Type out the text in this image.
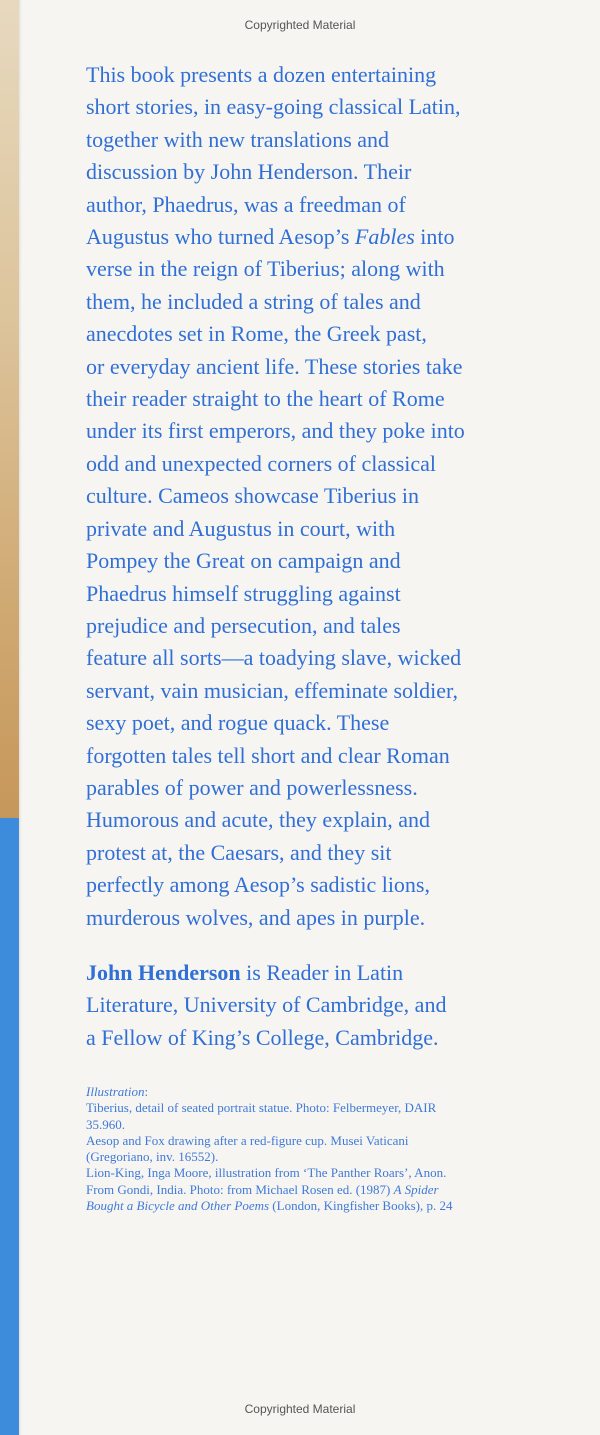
Copyrighted Material

This book presents a dozen entertaining
short stories, in easy-going classical Latin,
together with new translations and
discussion by John Henderson. Their
author, Phaedrus, was a freedman of
Augustus who turned Aesop’s Fables into
verse in the reign of Tiberius; along with
them, he included a string of tales and
anecdotes set in Rome, the Greek past,
or everyday ancient life. These stories take
their reader straight to the heart of Rome
under its first emperors, and they poke into
odd and unexpected corners of classical
culture. Cameos showcase Tiberius in
private and Augustus in court, with
Pompey the Great on campaign and
Phaedrus himself struggling against
prejudice and persecution, and tales
feature all sorts—a toadying slave, wicked
servant, vain musician, effeminate soldier,
sexy poet, and rogue quack. These
forgotten tales tell short and clear Roman
parables of power and powerlessness.
Humorous and acute, they explain, and
protest at, the Caesars, and they sit
perfectly among Aesop’s sadistic lions,
murderous wolves, and apes in purple.

John Henderson is Reader in Latin
Literature, University of Cambridge, and
a Fellow of King’s College, Cambridge.

Illustration:
Tiberius, detail of seated portrait statue. Photo: Felbermeyer, DAIR
35.960.
Aesop and Fox drawing after a red-figure cup. Musei Vaticani
(Gregoriano, inv. 16552).
Lion-King, Inga Moore, illustration from ‘The Panther Roars’, Anon.
From Gondi, India. Photo: from Michael Rosen ed. (1987) A Spider
Bought a Bicycle and Other Poems (London, Kingfisher Books), p. 24
Copyrighted Material
